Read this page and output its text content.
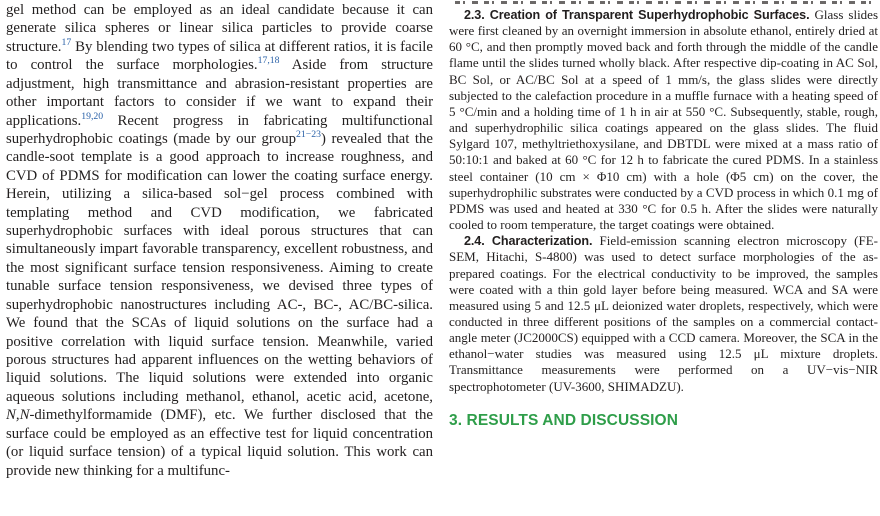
gel method can be employed as an ideal candidate because it can generate silica spheres or linear silica particles to provide coarse structure.$^{17}$ By blending two types of silica at different ratios, it is facile to control the surface morphologies.$^{17,18}$ Aside from structure adjustment, high transmittance and abrasion-resistant properties are other important factors to consider if we want to expand their applications.$^{19,20}$ Recent progress in fabricating multifunctional superhydrophobic coatings (made by our group$^{21-23}$) revealed that the candle-soot template is a good approach to increase roughness, and CVD of PDMS for modification can lower the coating surface energy. Herein, utilizing a silica-based sol−gel process combined with templating method and CVD modification, we fabricated superhydrophobic surfaces with ideal porous structures that can simultaneously impart favorable transparency, excellent robustness, and the most significant surface tension responsiveness. Aiming to create tunable surface tension responsiveness, we devised three types of superhydrophobic nanostructures including AC-, BC-, AC/BC-silica. We found that the SCAs of liquid solutions on the surface had a positive correlation with liquid surface tension. Meanwhile, varied porous structures had apparent influences on the wetting behaviors of liquid solutions. The liquid solutions were extended into organic aqueous solutions including methanol, ethanol, acetic acid, acetone, N,N-dimethylformamide (DMF), etc. We further disclosed that the surface could be employed as an effective test for liquid concentration (or liquid surface tension) of a typical liquid solution. This work can provide new thinking for a multifunc-

2.3. Creation of Transparent Superhydrophobic Surfaces. Glass slides were first cleaned by an overnight immersion in absolute ethanol, entirely dried at 60 °C, and then promptly moved back and forth through the middle of the candle flame until the slides turned wholly black. After respective dip-coating in AC Sol, BC Sol, or AC/BC Sol at a speed of 1 mm/s, the glass slides were directly subjected to the calefaction procedure in a muffle furnace with a heating speed of 5 °C/min and a holding time of 1 h in air at 550 °C. Subsequently, stable, rough, and superhydrophilic silica coatings appeared on the glass slides. The fluid Sylgard 107, methyltriethoxysilane, and DBTDL were mixed at a mass ratio of 50:10:1 and baked at 60 °C for 12 h to fabricate the cured PDMS. In a stainless steel container (10 cm × Φ10 cm) with a hole (Φ5 cm) on the cover, the superhydrophilic substrates were conducted by a CVD process in which 0.1 mg of PDMS was used and heated at 330 °C for 0.5 h. After the slides were naturally cooled to room temperature, the target coatings were obtained.

2.4. Characterization. Field-emission scanning electron microscopy (FE-SEM, Hitachi, S-4800) was used to detect surface morphologies of the as-prepared coatings. For the electrical conductivity to be improved, the samples were coated with a thin gold layer before being measured. WCA and SA were measured using 5 and 12.5 μL deionized water droplets, respectively, which were conducted in three different positions of the samples on a commercial contact-angle meter (JC2000CS) equipped with a CCD camera. Moreover, the SCA in the ethanol−water studies was measured using 12.5 μL mixture droplets. Transmittance measurements were performed on a UV−vis−NIR spectrophotometer (UV-3600, SHIMADZU).

3. RESULTS AND DISCUSSION
